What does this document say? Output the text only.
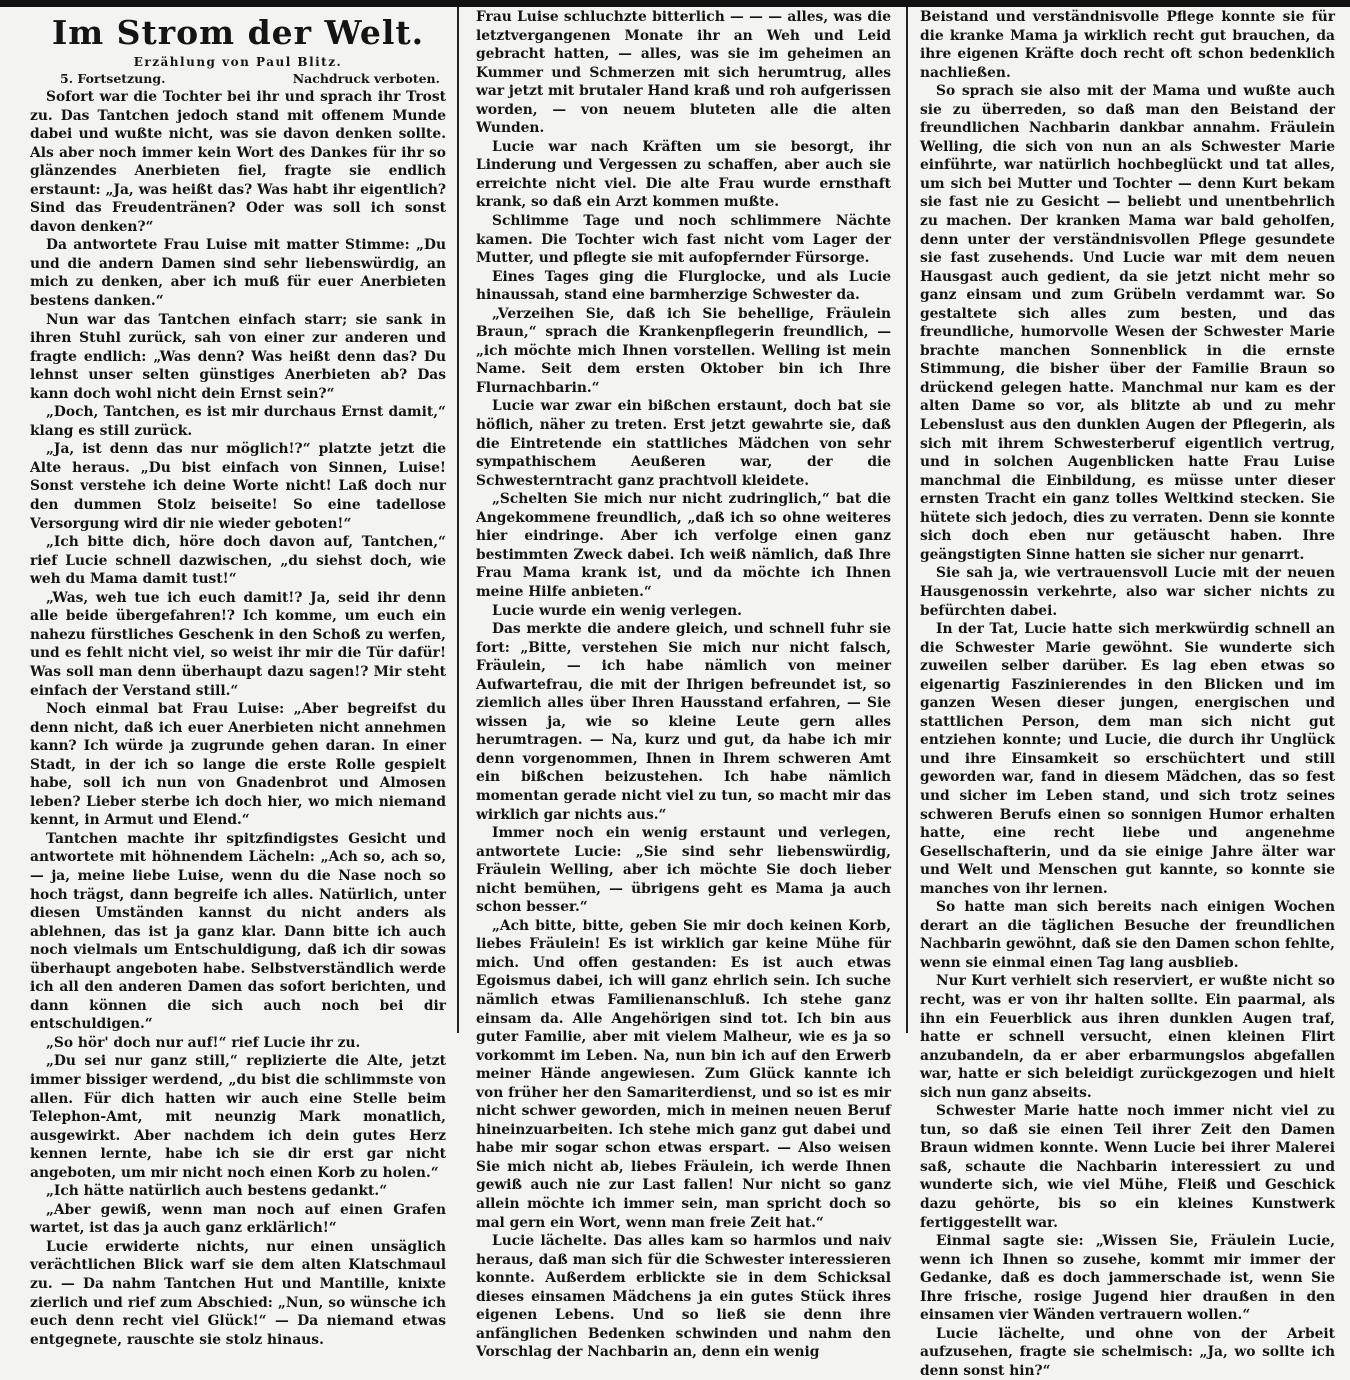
Im Strom der Welt.
Erzählung von Paul Blitz.
5. Fortsetzung.	Nachdruck verboten.

Sofort war die Tochter bei ihr und sprach ihr Trost zu. Das Tantchen jedoch stand mit offenem Munde dabei und wußte nicht, was sie davon denken sollte. Als aber noch immer kein Wort des Dankes für ihr so glänzendes Anerbieten fiel, fragte sie endlich erstaunt: „Ja, was heißt das? Was habt ihr eigentlich? Sind das Freudentränen? Oder was soll ich sonst davon denken?“

Da antwortete Frau Luise mit matter Stimme: „Du und die andern Damen sind sehr liebenswürdig, an mich zu denken, aber ich muß für euer Anerbieten bestens danken.“

Nun war das Tantchen einfach starr; sie sank in ihren Stuhl zurück, sah von einer zur anderen und fragte endlich: „Was denn? Was heißt denn das? Du lehnst unser selten günstiges Anerbieten ab? Das kann doch wohl nicht dein Ernst sein?“

„Doch, Tantchen, es ist mir durchaus Ernst damit,“ klang es still zurück.

„Ja, ist denn das nur möglich!?“ platzte jetzt die Alte heraus. „Du bist einfach von Sinnen, Luise! Sonst verstehe ich deine Worte nicht! Laß doch nur den dummen Stolz beiseite! So eine tadellose Versorgung wird dir nie wieder geboten!“

„Ich bitte dich, höre doch davon auf, Tantchen,“ rief Lucie schnell dazwischen, „du siehst doch, wie weh du Mama damit tust!“

„Was, weh tue ich euch damit!? Ja, seid ihr denn alle beide übergefahren!? Ich komme, um euch ein nahezu fürstliches Geschenk in den Schoß zu werfen, und es fehlt nicht viel, so weist ihr mir die Tür dafür! Was soll man denn überhaupt dazu sagen!? Mir steht einfach der Verstand still.“

Noch einmal bat Frau Luise: „Aber begreifst du denn nicht, daß ich euer Anerbieten nicht annehmen kann? Ich würde ja zugrunde gehen daran. In einer Stadt, in der ich so lange die erste Rolle gespielt habe, soll ich nun von Gnadenbrot und Almosen leben? Lieber sterbe ich doch hier, wo mich niemand kennt, in Armut und Elend.“

Tantchen machte ihr spitzfindigstes Gesicht und antwortete mit höhnendem Lächeln: „Ach so, ach so, — ja, meine liebe Luise, wenn du die Nase noch so hoch trägst, dann begreife ich alles. Natürlich, unter diesen Umständen kannst du nicht anders als ablehnen, das ist ja ganz klar. Dann bitte ich auch noch vielmals um Entschuldigung, daß ich dir sowas überhaupt angeboten habe. Selbstverständlich werde ich all den anderen Damen das sofort berichten, und dann können die sich auch noch bei dir entschuldigen.“

„So hör' doch nur auf!“ rief Lucie ihr zu.

„Du sei nur ganz still,“ replizierte die Alte, jetzt immer bissiger werdend, „du bist die schlimmste von allen. Für dich hatten wir auch eine Stelle beim Telephon-Amt, mit neunzig Mark monatlich, ausgewirkt. Aber nachdem ich dein gutes Herz kennen lernte, habe ich sie dir erst gar nicht angeboten, um mir nicht noch einen Korb zu holen.“

„Ich hätte natürlich auch bestens gedankt.“

„Aber gewiß, wenn man noch auf einen Grafen wartet, ist das ja auch ganz erklärlich!“

Lucie erwiderte nichts, nur einen unsäglich verächtlichen Blick warf sie dem alten Klatschmaul zu. — Da nahm Tantchen Hut und Mantille, knixte zierlich und rief zum Abschied: „Nun, so wünsche ich euch denn recht viel Glück!“ — Da niemand etwas entgegnete, rauschte sie stolz hinaus.

Frau Luise schluchzte bitterlich — — — alles, was die letztvergangenen Monate ihr an Weh und Leid gebracht hatten, — alles, was sie im geheimen an Kummer und Schmerzen mit sich herumtrug, alles war jetzt mit brutaler Hand kraß und roh aufgerissen worden, — von neuem bluteten alle die alten Wunden.

Lucie war nach Kräften um sie besorgt, ihr Linderung und Vergessen zu schaffen, aber auch sie erreichte nicht viel. Die alte Frau wurde ernsthaft krank, so daß ein Arzt kommen mußte.

Schlimme Tage und noch schlimmere Nächte kamen. Die Tochter wich fast nicht vom Lager der Mutter, und pflegte sie mit aufopfernder Fürsorge.

Eines Tages ging die Flurglocke, und als Lucie hinaussah, stand eine barmherzige Schwester da.

„Verzeihen Sie, daß ich Sie behellige, Fräulein Braun,“ sprach die Krankenpflegerin freundlich, — „ich möchte mich Ihnen vorstellen. Welling ist mein Name. Seit dem ersten Oktober bin ich Ihre Flurnachbarin.“

Lucie war zwar ein bißchen erstaunt, doch bat sie höflich, näher zu treten. Erst jetzt gewahrte sie, daß die Eintretende ein stattliches Mädchen von sehr sympathischem Aeußeren war, der die Schwesterntracht ganz prachtvoll kleidete.

„Schelten Sie mich nur nicht zudringlich,“ bat die Angekommene freundlich, „daß ich so ohne weiteres hier eindringe. Aber ich verfolge einen ganz bestimmten Zweck dabei. Ich weiß nämlich, daß Ihre Frau Mama krank ist, und da möchte ich Ihnen meine Hilfe anbieten.“

Lucie wurde ein wenig verlegen.

Das merkte die andere gleich, und schnell fuhr sie fort: „Bitte, verstehen Sie mich nur nicht falsch, Fräulein, — ich habe nämlich von meiner Aufwartefrau, die mit der Ihrigen befreundet ist, so ziemlich alles über Ihren Hausstand erfahren, — Sie wissen ja, wie so kleine Leute gern alles herumtragen. — Na, kurz und gut, da habe ich mir denn vorgenommen, Ihnen in Ihrem schweren Amt ein bißchen beizustehen. Ich habe nämlich momentan gerade nicht viel zu tun, so macht mir das wirklich gar nichts aus.“

Immer noch ein wenig erstaunt und verlegen, antwortete Lucie: „Sie sind sehr liebenswürdig, Fräulein Welling, aber ich möchte Sie doch lieber nicht bemühen, — übrigens geht es Mama ja auch schon besser.“

„Ach bitte, bitte, geben Sie mir doch keinen Korb, liebes Fräulein! Es ist wirklich gar keine Mühe für mich. Und offen gestanden: Es ist auch etwas Egoismus dabei, ich will ganz ehrlich sein. Ich suche nämlich etwas Familienanschluß. Ich stehe ganz einsam da. Alle Angehörigen sind tot. Ich bin aus guter Familie, aber mit vielem Malheur, wie es ja so vorkommt im Leben. Na, nun bin ich auf den Erwerb meiner Hände angewiesen. Zum Glück kannte ich von früher her den Samariterdienst, und so ist es mir nicht schwer geworden, mich in meinen neuen Beruf hineinzuarbeiten. Ich stehe mich ganz gut dabei und habe mir sogar schon etwas erspart. — Also weisen Sie mich nicht ab, liebes Fräulein, ich werde Ihnen gewiß auch nie zur Last fallen! Nur nicht so ganz allein möchte ich immer sein, man spricht doch so mal gern ein Wort, wenn man freie Zeit hat.“

Lucie lächelte. Das alles kam so harmlos und naiv heraus, daß man sich für die Schwester interessieren konnte. Außerdem erblickte sie in dem Schicksal dieses einsamen Mädchens ja ein gutes Stück ihres eigenen Lebens. Und so ließ sie denn ihre anfänglichen Bedenken schwinden und nahm den Vorschlag der Nachbarin an, denn ein wenig

Beistand und verständnisvolle Pflege konnte sie für die kranke Mama ja wirklich recht gut brauchen, da ihre eigenen Kräfte doch recht oft schon bedenklich nachließen.

So sprach sie also mit der Mama und wußte auch sie zu überreden, so daß man den Beistand der freundlichen Nachbarin dankbar annahm. Fräulein Welling, die sich von nun an als Schwester Marie einführte, war natürlich hochbeglückt und tat alles, um sich bei Mutter und Tochter — denn Kurt bekam sie fast nie zu Gesicht — beliebt und unentbehrlich zu machen. Der kranken Mama war bald geholfen, denn unter der verständnisvollen Pflege gesundete sie fast zusehends. Und Lucie war mit dem neuen Hausgast auch gedient, da sie jetzt nicht mehr so ganz einsam und zum Grübeln verdammt war. So gestaltete sich alles zum besten, und das freundliche, humorvolle Wesen der Schwester Marie brachte manchen Sonnenblick in die ernste Stimmung, die bisher über der Familie Braun so drückend gelegen hatte. Manchmal nur kam es der alten Dame so vor, als blitzte ab und zu mehr Lebenslust aus den dunklen Augen der Pflegerin, als sich mit ihrem Schwesterberuf eigentlich vertrug, und in solchen Augenblicken hatte Frau Luise manchmal die Einbildung, es müsse unter dieser ernsten Tracht ein ganz tolles Weltkind stecken. Sie hütete sich jedoch, dies zu verraten. Denn sie konnte sich doch eben nur getäuscht haben. Ihre geängstigten Sinne hatten sie sicher nur genarrt.

Sie sah ja, wie vertrauensvoll Lucie mit der neuen Hausgenossin verkehrte, also war sicher nichts zu befürchten dabei.

In der Tat, Lucie hatte sich merkwürdig schnell an die Schwester Marie gewöhnt. Sie wunderte sich zuweilen selber darüber. Es lag eben etwas so eigenartig Faszinierendes in den Blicken und im ganzen Wesen dieser jungen, energischen und stattlichen Person, dem man sich nicht gut entziehen konnte; und Lucie, die durch ihr Unglück und ihre Einsamkeit so erschüchtert und still geworden war, fand in diesem Mädchen, das so fest und sicher im Leben stand, und sich trotz seines schweren Berufs einen so sonnigen Humor erhalten hatte, eine recht liebe und angenehme Gesellschafterin, und da sie einige Jahre älter war und Welt und Menschen gut kannte, so konnte sie manches von ihr lernen.

So hatte man sich bereits nach einigen Wochen derart an die täglichen Besuche der freundlichen Nachbarin gewöhnt, daß sie den Damen schon fehlte, wenn sie einmal einen Tag lang ausblieb.

Nur Kurt verhielt sich reserviert, er wußte nicht so recht, was er von ihr halten sollte. Ein paarmal, als ihn ein Feuerblick aus ihren dunklen Augen traf, hatte er schnell versucht, einen kleinen Flirt anzubandeln, da er aber erbarmungslos abgefallen war, hatte er sich beleidigt zurückgezogen und hielt sich nun ganz abseits.

Schwester Marie hatte noch immer nicht viel zu tun, so daß sie einen Teil ihrer Zeit den Damen Braun widmen konnte. Wenn Lucie bei ihrer Malerei saß, schaute die Nachbarin interessiert zu und wunderte sich, wie viel Mühe, Fleiß und Geschick dazu gehörte, bis so ein kleines Kunstwerk fertiggestellt war.

Einmal sagte sie: „Wissen Sie, Fräulein Lucie, wenn ich Ihnen so zusehe, kommt mir immer der Gedanke, daß es doch jammerschade ist, wenn Sie Ihre frische, rosige Jugend hier draußen in den einsamen vier Wänden vertrauern wollen.“

Lucie lächelte, und ohne von der Arbeit aufzusehen, fragte sie schelmisch: „Ja, wo sollte ich denn sonst hin?“
